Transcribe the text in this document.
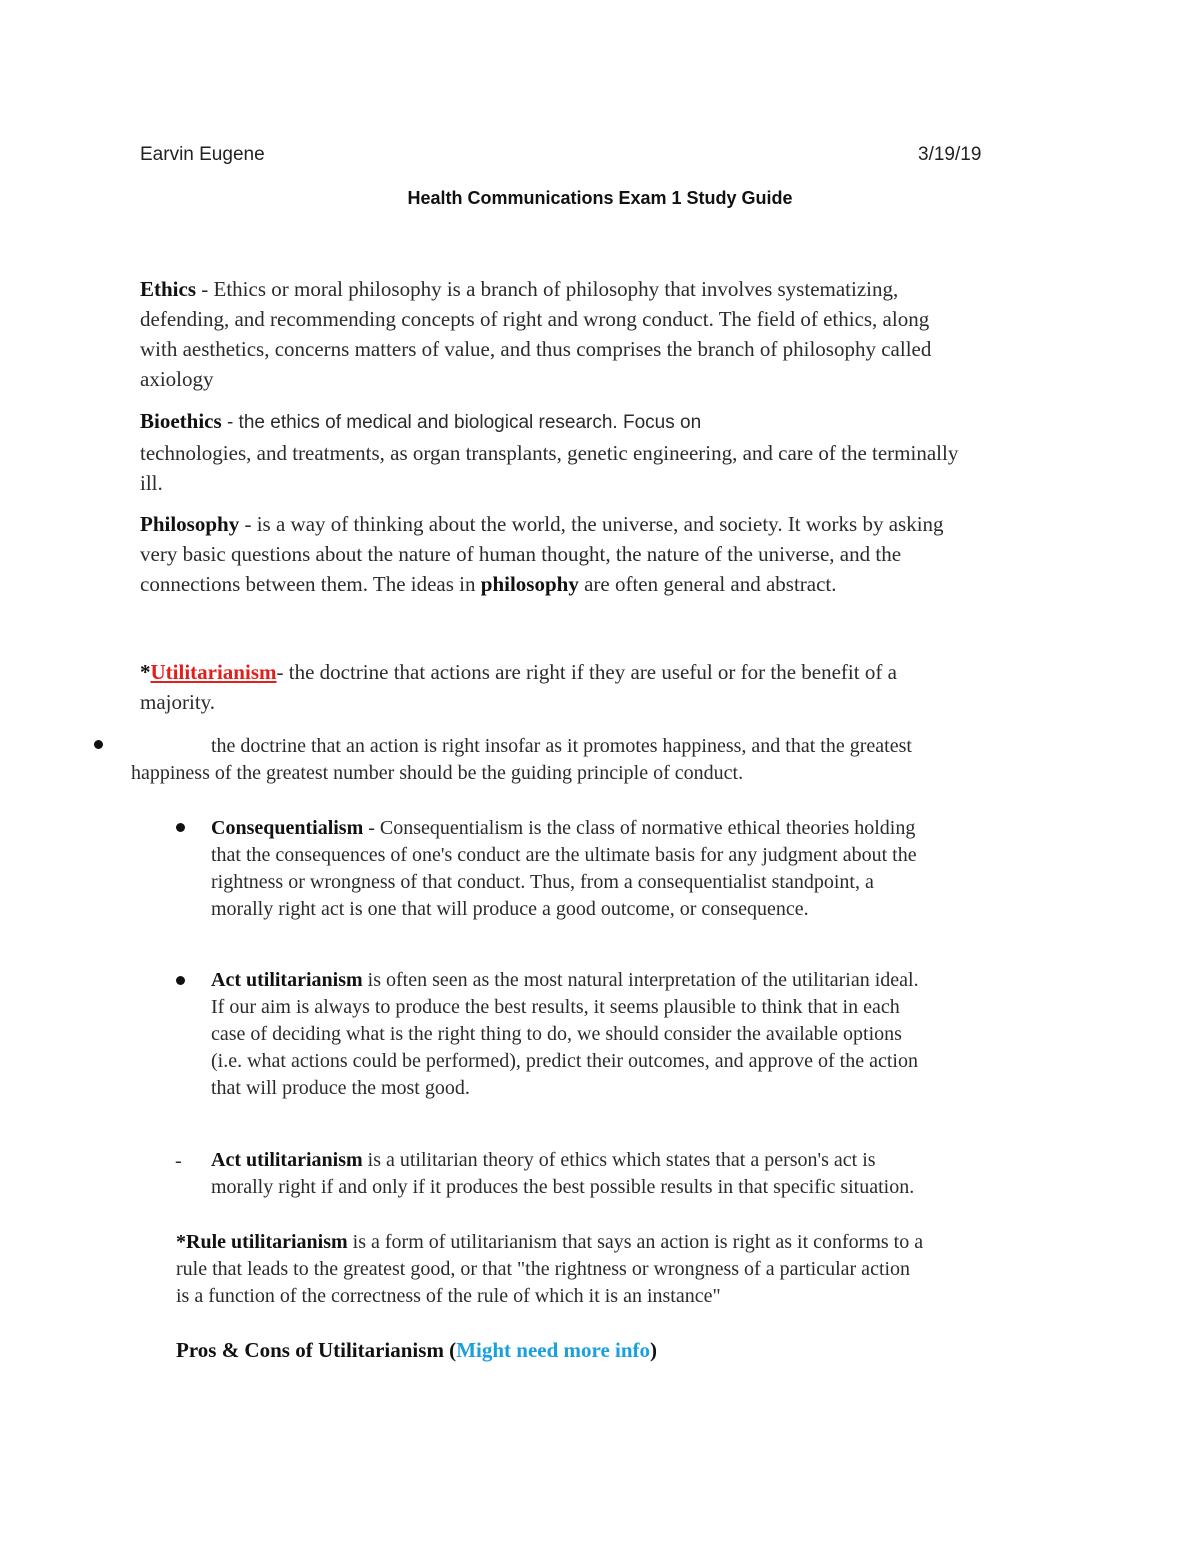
Earvin Eugene	3/19/19
Health Communications Exam 1 Study Guide
Ethics - Ethics or moral philosophy is a branch of philosophy that involves systematizing,
defending, and recommending concepts of right and wrong conduct. The field of ethics, along
with aesthetics, concerns matters of value, and thus comprises the branch of philosophy called
axiology
Bioethics - the ethics of medical and biological research. Focus on
technologies, and treatments, as organ transplants, genetic engineering, and care of the terminally
ill.
Philosophy - is a way of thinking about the world, the universe, and society. It works by asking
very basic questions about the nature of human thought, the nature of the universe, and the
connections between them. The ideas in philosophy are often general and abstract.
*Utilitarianism- the doctrine that actions are right if they are useful or for the benefit of a
majority.
the doctrine that an action is right insofar as it promotes happiness, and that the greatest
happiness of the greatest number should be the guiding principle of conduct.
Consequentialism - Consequentialism is the class of normative ethical theories holding
that the consequences of one's conduct are the ultimate basis for any judgment about the
rightness or wrongness of that conduct. Thus, from a consequentialist standpoint, a
morally right act is one that will produce a good outcome, or consequence.
Act utilitarianism is often seen as the most natural interpretation of the utilitarian ideal.
If our aim is always to produce the best results, it seems plausible to think that in each
case of deciding what is the right thing to do, we should consider the available options
(i.e. what actions could be performed), predict their outcomes, and approve of the action
that will produce the most good.
- Act utilitarianism is a utilitarian theory of ethics which states that a person's act is
morally right if and only if it produces the best possible results in that specific situation.
*Rule utilitarianism is a form of utilitarianism that says an action is right as it conforms to a
rule that leads to the greatest good, or that "the rightness or wrongness of a particular action
is a function of the correctness of the rule of which it is an instance"
Pros & Cons of Utilitarianism (Might need more info)
